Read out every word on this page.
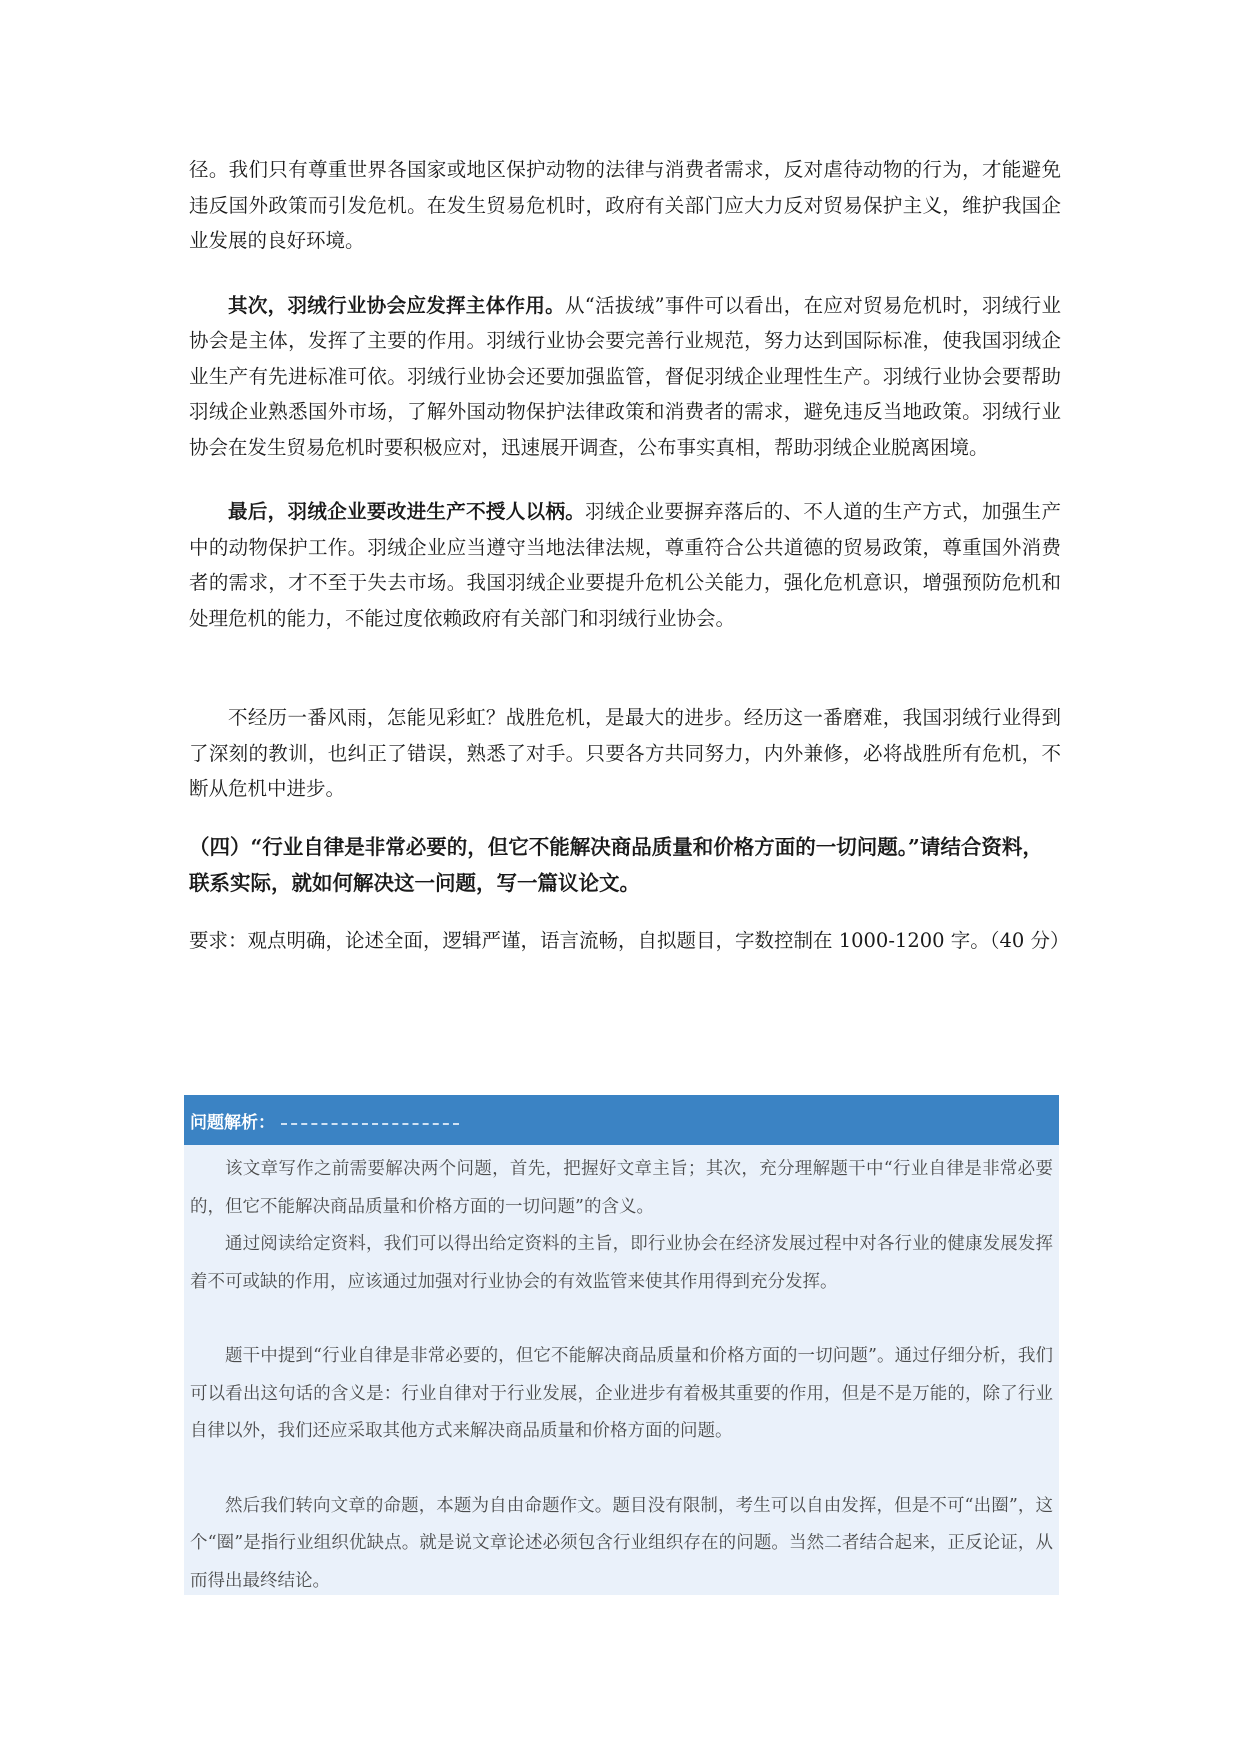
径。我们只有尊重世界各国家或地区保护动物的法律与消费者需求，反对虐待动物的行为，才能避免违反国外政策而引发危机。在发生贸易危机时，政府有关部门应大力反对贸易保护主义，维护我国企业发展的良好环境。

其次，羽绒行业协会应发挥主体作用。从“活拔绒”事件可以看出，在应对贸易危机时，羽绒行业协会是主体，发挥了主要的作用。羽绒行业协会要完善行业规范，努力达到国际标准，使我国羽绒企业生产有先进标准可依。羽绒行业协会还要加强监管，督促羽绒企业理性生产。羽绒行业协会要帮助羽绒企业熟悉国外市场，了解外国动物保护法律政策和消费者的需求，避免违反当地政策。羽绒行业协会在发生贸易危机时要积极应对，迅速展开调查，公布事实真相，帮助羽绒企业脱离困境。

最后，羽绒企业要改进生产不授人以柄。羽绒企业要摒弃落后的、不人道的生产方式，加强生产中的动物保护工作。羽绒企业应当遵守当地法律法规，尊重符合公共道德的贸易政策，尊重国外消费者的需求，才不至于失去市场。我国羽绒企业要提升危机公关能力，强化危机意识，增强预防危机和处理危机的能力，不能过度依赖政府有关部门和羽绒行业协会。

不经历一番风雨，怎能见彩虹？战胜危机，是最大的进步。经历这一番磨难，我国羽绒行业得到了深刻的教训，也纠正了错误，熟悉了对手。只要各方共同努力，内外兼修，必将战胜所有危机，不断从危机中进步。

（四）“行业自律是非常必要的，但它不能解决商品质量和价格方面的一切问题。”请结合资料，联系实际，就如何解决这一问题，写一篇议论文。

要求：观点明确，论述全面，逻辑严谨，语言流畅，自拟题目，字数控制在 1000-1200 字。（40 分）

问题解析：

该文章写作之前需要解决两个问题，首先，把握好文章主旨；其次，充分理解题干中“行业自律是非常必要的，但它不能解决商品质量和价格方面的一切问题”的含义。

通过阅读给定资料，我们可以得出给定资料的主旨，即行业协会在经济发展过程中对各行业的健康发展发挥着不可或缺的作用，应该通过加强对行业协会的有效监管来使其作用得到充分发挥。

题干中提到“行业自律是非常必要的，但它不能解决商品质量和价格方面的一切问题”。通过仔细分析，我们可以看出这句话的含义是：行业自律对于行业发展，企业进步有着极其重要的作用，但是不是万能的，除了行业自律以外，我们还应采取其他方式来解决商品质量和价格方面的问题。

然后我们转向文章的命题，本题为自由命题作文。题目没有限制，考生可以自由发挥，但是不可“出圈”，这个“圈”是指行业组织优缺点。就是说文章论述必须包含行业组织存在的问题。当然二者结合起来，正反论证，从而得出最终结论。
